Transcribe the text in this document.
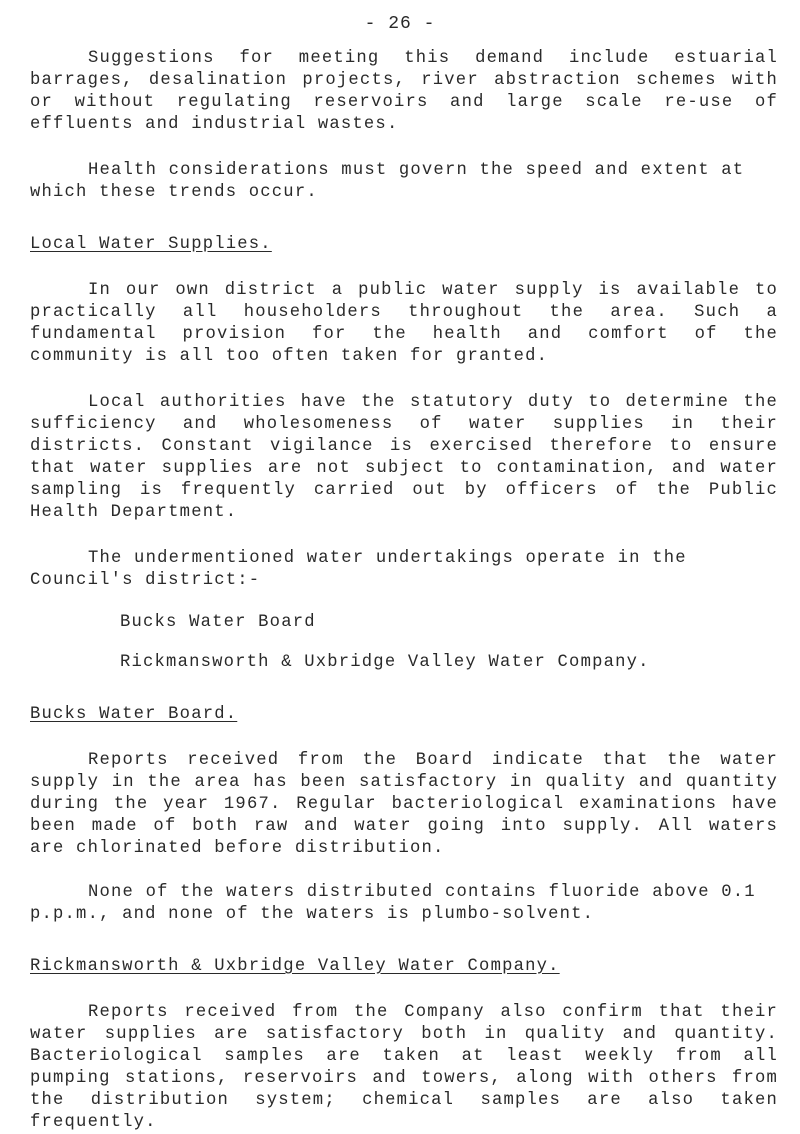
- 26 -

Suggestions for meeting this demand include estuarial barrages, desalination projects, river abstraction schemes with or without regulating reservoirs and large scale re-use of effluents and industrial wastes.

Health considerations must govern the speed and extent at which these trends occur.

Local Water Supplies.

In our own district a public water supply is available to practically all householders throughout the area. Such a fundamental provision for the health and comfort of the community is all too often taken for granted.

Local authorities have the statutory duty to determine the sufficiency and wholesomeness of water supplies in their districts. Constant vigilance is exercised therefore to ensure that water supplies are not subject to contamination, and water sampling is frequently carried out by officers of the Public Health Department.

The undermentioned water undertakings operate in the Council's district:-

Bucks Water Board

Rickmansworth & Uxbridge Valley Water Company.

Bucks Water Board.

Reports received from the Board indicate that the water supply in the area has been satisfactory in quality and quantity during the year 1967. Regular bacteriological examinations have been made of both raw and water going into supply. All waters are chlorinated before distribution.

None of the waters distributed contains fluoride above 0.1 p.p.m., and none of the waters is plumbo-solvent.

Rickmansworth & Uxbridge Valley Water Company.

Reports received from the Company also confirm that their water supplies are satisfactory both in quality and quantity. Bacteriological samples are taken at least weekly from all pumping stations, reservoirs and towers, along with others from the distribution system; chemical samples are also taken frequently.
